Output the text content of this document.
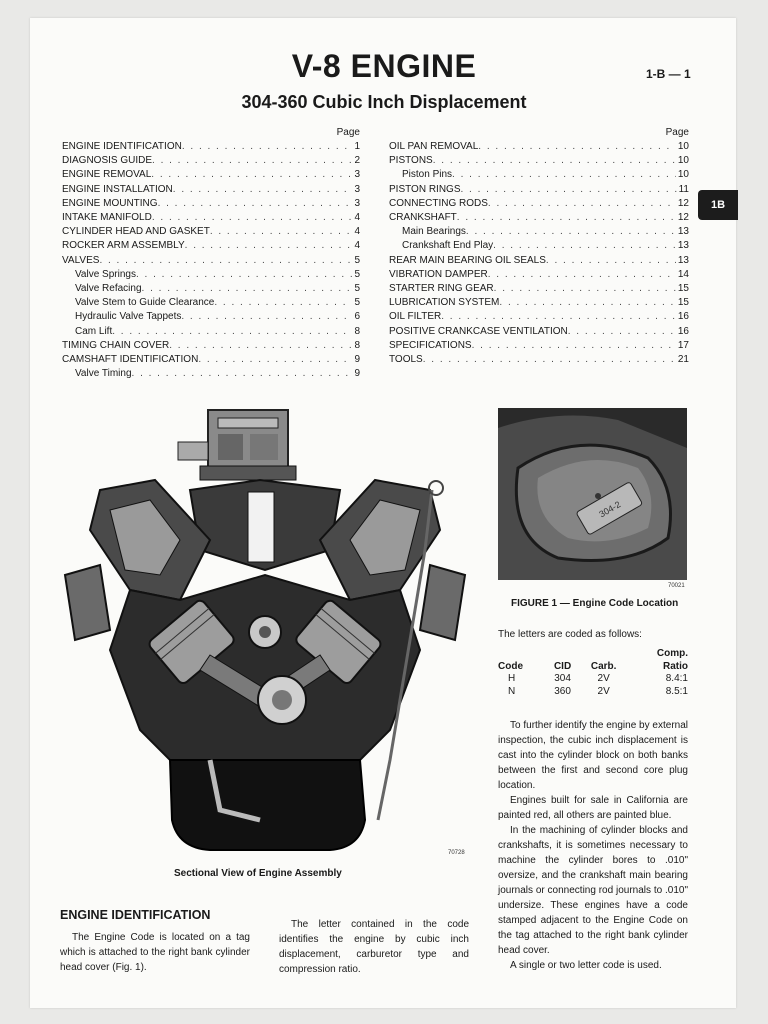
V-8 ENGINE
304-360 Cubic Inch Displacement
1-B — 1
1B
Page
ENGINE IDENTIFICATION . . .	1
DIAGNOSIS GUIDE . . .	2
ENGINE REMOVAL . . .	3
ENGINE INSTALLATION . . .	3
ENGINE MOUNTING . . .	3
INTAKE MANIFOLD . . .	4
CYLINDER HEAD AND GASKET . . .	4
ROCKER ARM ASSEMBLY . . .	4
VALVES . . .	5
Valve Springs . . .	5
Valve Refacing . . .	5
Valve Stem to Guide Clearance . . .	5
Hydraulic Valve Tappets . . .	6
Cam Lift . . .	8
TIMING CHAIN COVER . . .	8
CAMSHAFT IDENTIFICATION . . .	9
Valve Timing . . .	9
Page
OIL PAN REMOVAL . . .	10
PISTONS . . .	10
Piston Pins . . .	10
PISTON RINGS . . .	11
CONNECTING RODS . . .	12
CRANKSHAFT . . .	12
Main Bearings . . .	13
Crankshaft End Play . . .	13
REAR MAIN BEARING OIL SEALS . . .	13
VIBRATION DAMPER . . .	14
STARTER RING GEAR . . .	15
LUBRICATION SYSTEM . . .	15
OIL FILTER . . .	16
POSITIVE CRANKCASE VENTILATION . . .	16
SPECIFICATIONS . . .	17
TOOLS . . .	21
70728
Sectional View of Engine Assembly
304-2
70021
FIGURE 1 — Engine Code Location
The letters are coded as follows:
			Comp.
Code	CID	Carb.	Ratio
H	304	2V	8.4:1
N	360	2V	8.5:1

To further identify the engine by external inspection, the cubic inch displacement is cast into the cylinder block on both banks between the first and second core plug location.

Engines built for sale in California are painted red, all others are painted blue.

In the machining of cylinder blocks and crankshafts, it is sometimes necessary to machine the cylinder bores to .010" oversize, and the crankshaft main bearing journals or connecting rod journals to .010" undersize. These engines have a code stamped adjacent to the Engine Code on the tag attached to the right bank cylinder head cover.

A single or two letter code is used.

ENGINE IDENTIFICATION

The Engine Code is located on a tag which is attached to the right bank cylinder head cover (Fig. 1).

The letter contained in the code identifies the engine by cubic inch displacement, carburetor type and compression ratio.
